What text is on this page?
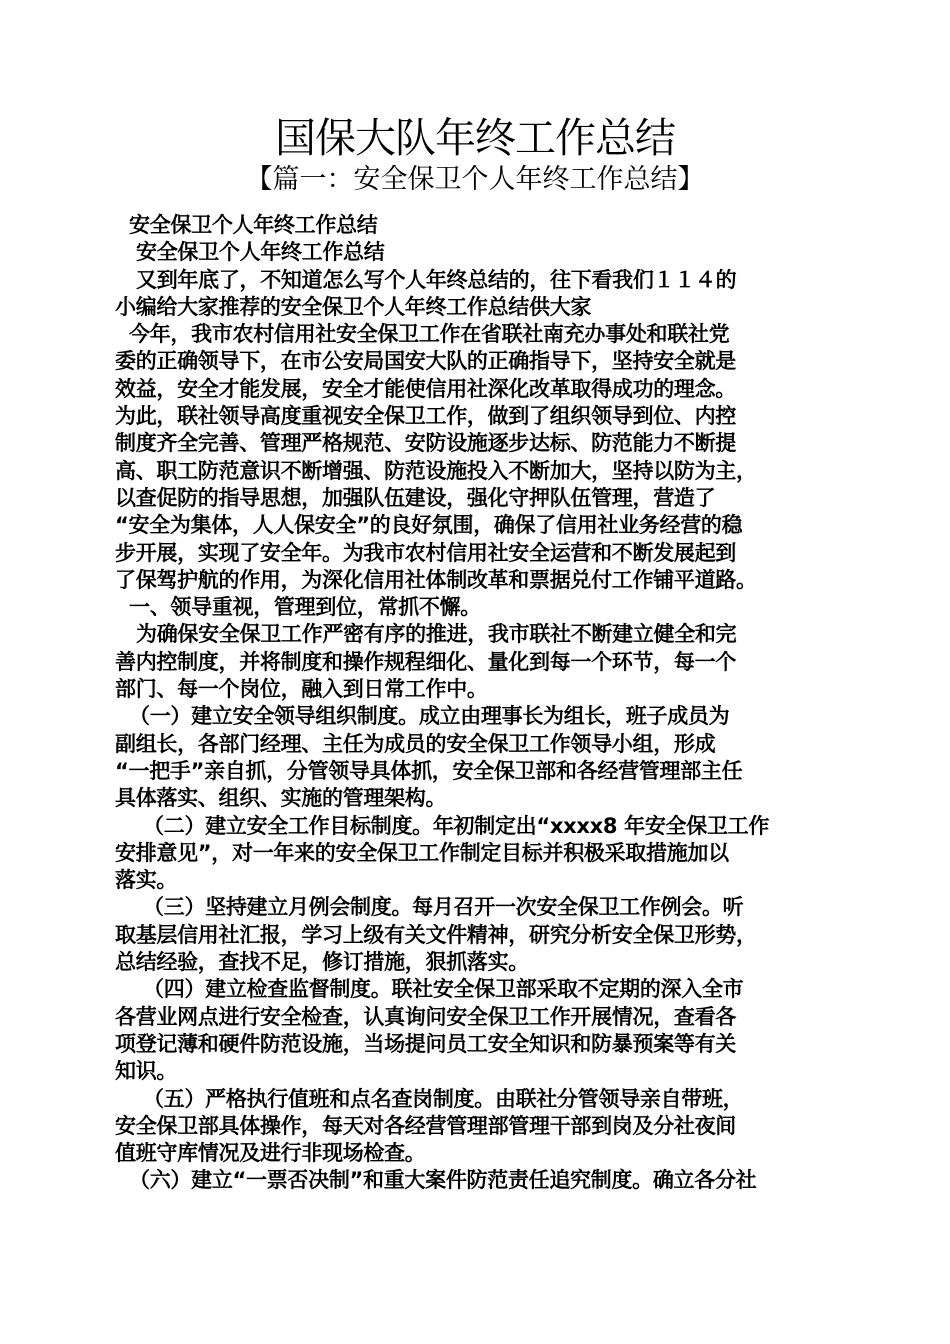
国保大队年终工作总结
【篇一：安全保卫个人年终工作总结】
安全保卫个人年终工作总结
安全保卫个人年终工作总结
又到年底了，不知道怎么写个人年终总结的，往下看我们１１４的
小编给大家推荐的安全保卫个人年终工作总结供大家
今年，我市农村信用社安全保卫工作在省联社南充办事处和联社党
委的正确领导下，在市公安局国安大队的正确指导下，坚持安全就是
效益，安全才能发展，安全才能使信用社深化改革取得成功的理念。
为此，联社领导高度重视安全保卫工作，做到了组织领导到位、内控
制度齐全完善、管理严格规范、安防设施逐步达标、防范能力不断提
高、职工防范意识不断增强、防范设施投入不断加大，坚持以防为主，
以查促防的指导思想，加强队伍建设，强化守押队伍管理，营造了
“安全为集体，人人保安全”的良好氛围，确保了信用社业务经营的稳
步开展，实现了安全年。为我市农村信用社安全运营和不断发展起到
了保驾护航的作用，为深化信用社体制改革和票据兑付工作铺平道路。
一、领导重视，管理到位，常抓不懈。
为确保安全保卫工作严密有序的推进，我市联社不断建立健全和完
善内控制度，并将制度和操作规程细化、量化到每一个环节，每一个
部门、每一个岗位，融入到日常工作中。
（一）建立安全领导组织制度。成立由理事长为组长，班子成员为
副组长，各部门经理、主任为成员的安全保卫工作领导小组，形成
“一把手”亲自抓，分管领导具体抓，安全保卫部和各经营管理部主任
具体落实、组织、实施的管理架构。
（二）建立安全工作目标制度。年初制定出“xxxx8 年安全保卫工作
安排意见”，对一年来的安全保卫工作制定目标并积极采取措施加以
落实。
（三）坚持建立月例会制度。每月召开一次安全保卫工作例会。听
取基层信用社汇报，学习上级有关文件精神，研究分析安全保卫形势，
总结经验，查找不足，修订措施，狠抓落实。
（四）建立检查监督制度。联社安全保卫部采取不定期的深入全市
各营业网点进行安全检查，认真询问安全保卫工作开展情况，查看各
项登记薄和硬件防范设施，当场提问员工安全知识和防暴预案等有关
知识。
（五）严格执行值班和点名查岗制度。由联社分管领导亲自带班，
安全保卫部具体操作，每天对各经营管理部管理干部到岗及分社夜间
值班守库情况及进行非现场检查。
（六）建立“一票否决制”和重大案件防范责任追究制度。确立各分社
